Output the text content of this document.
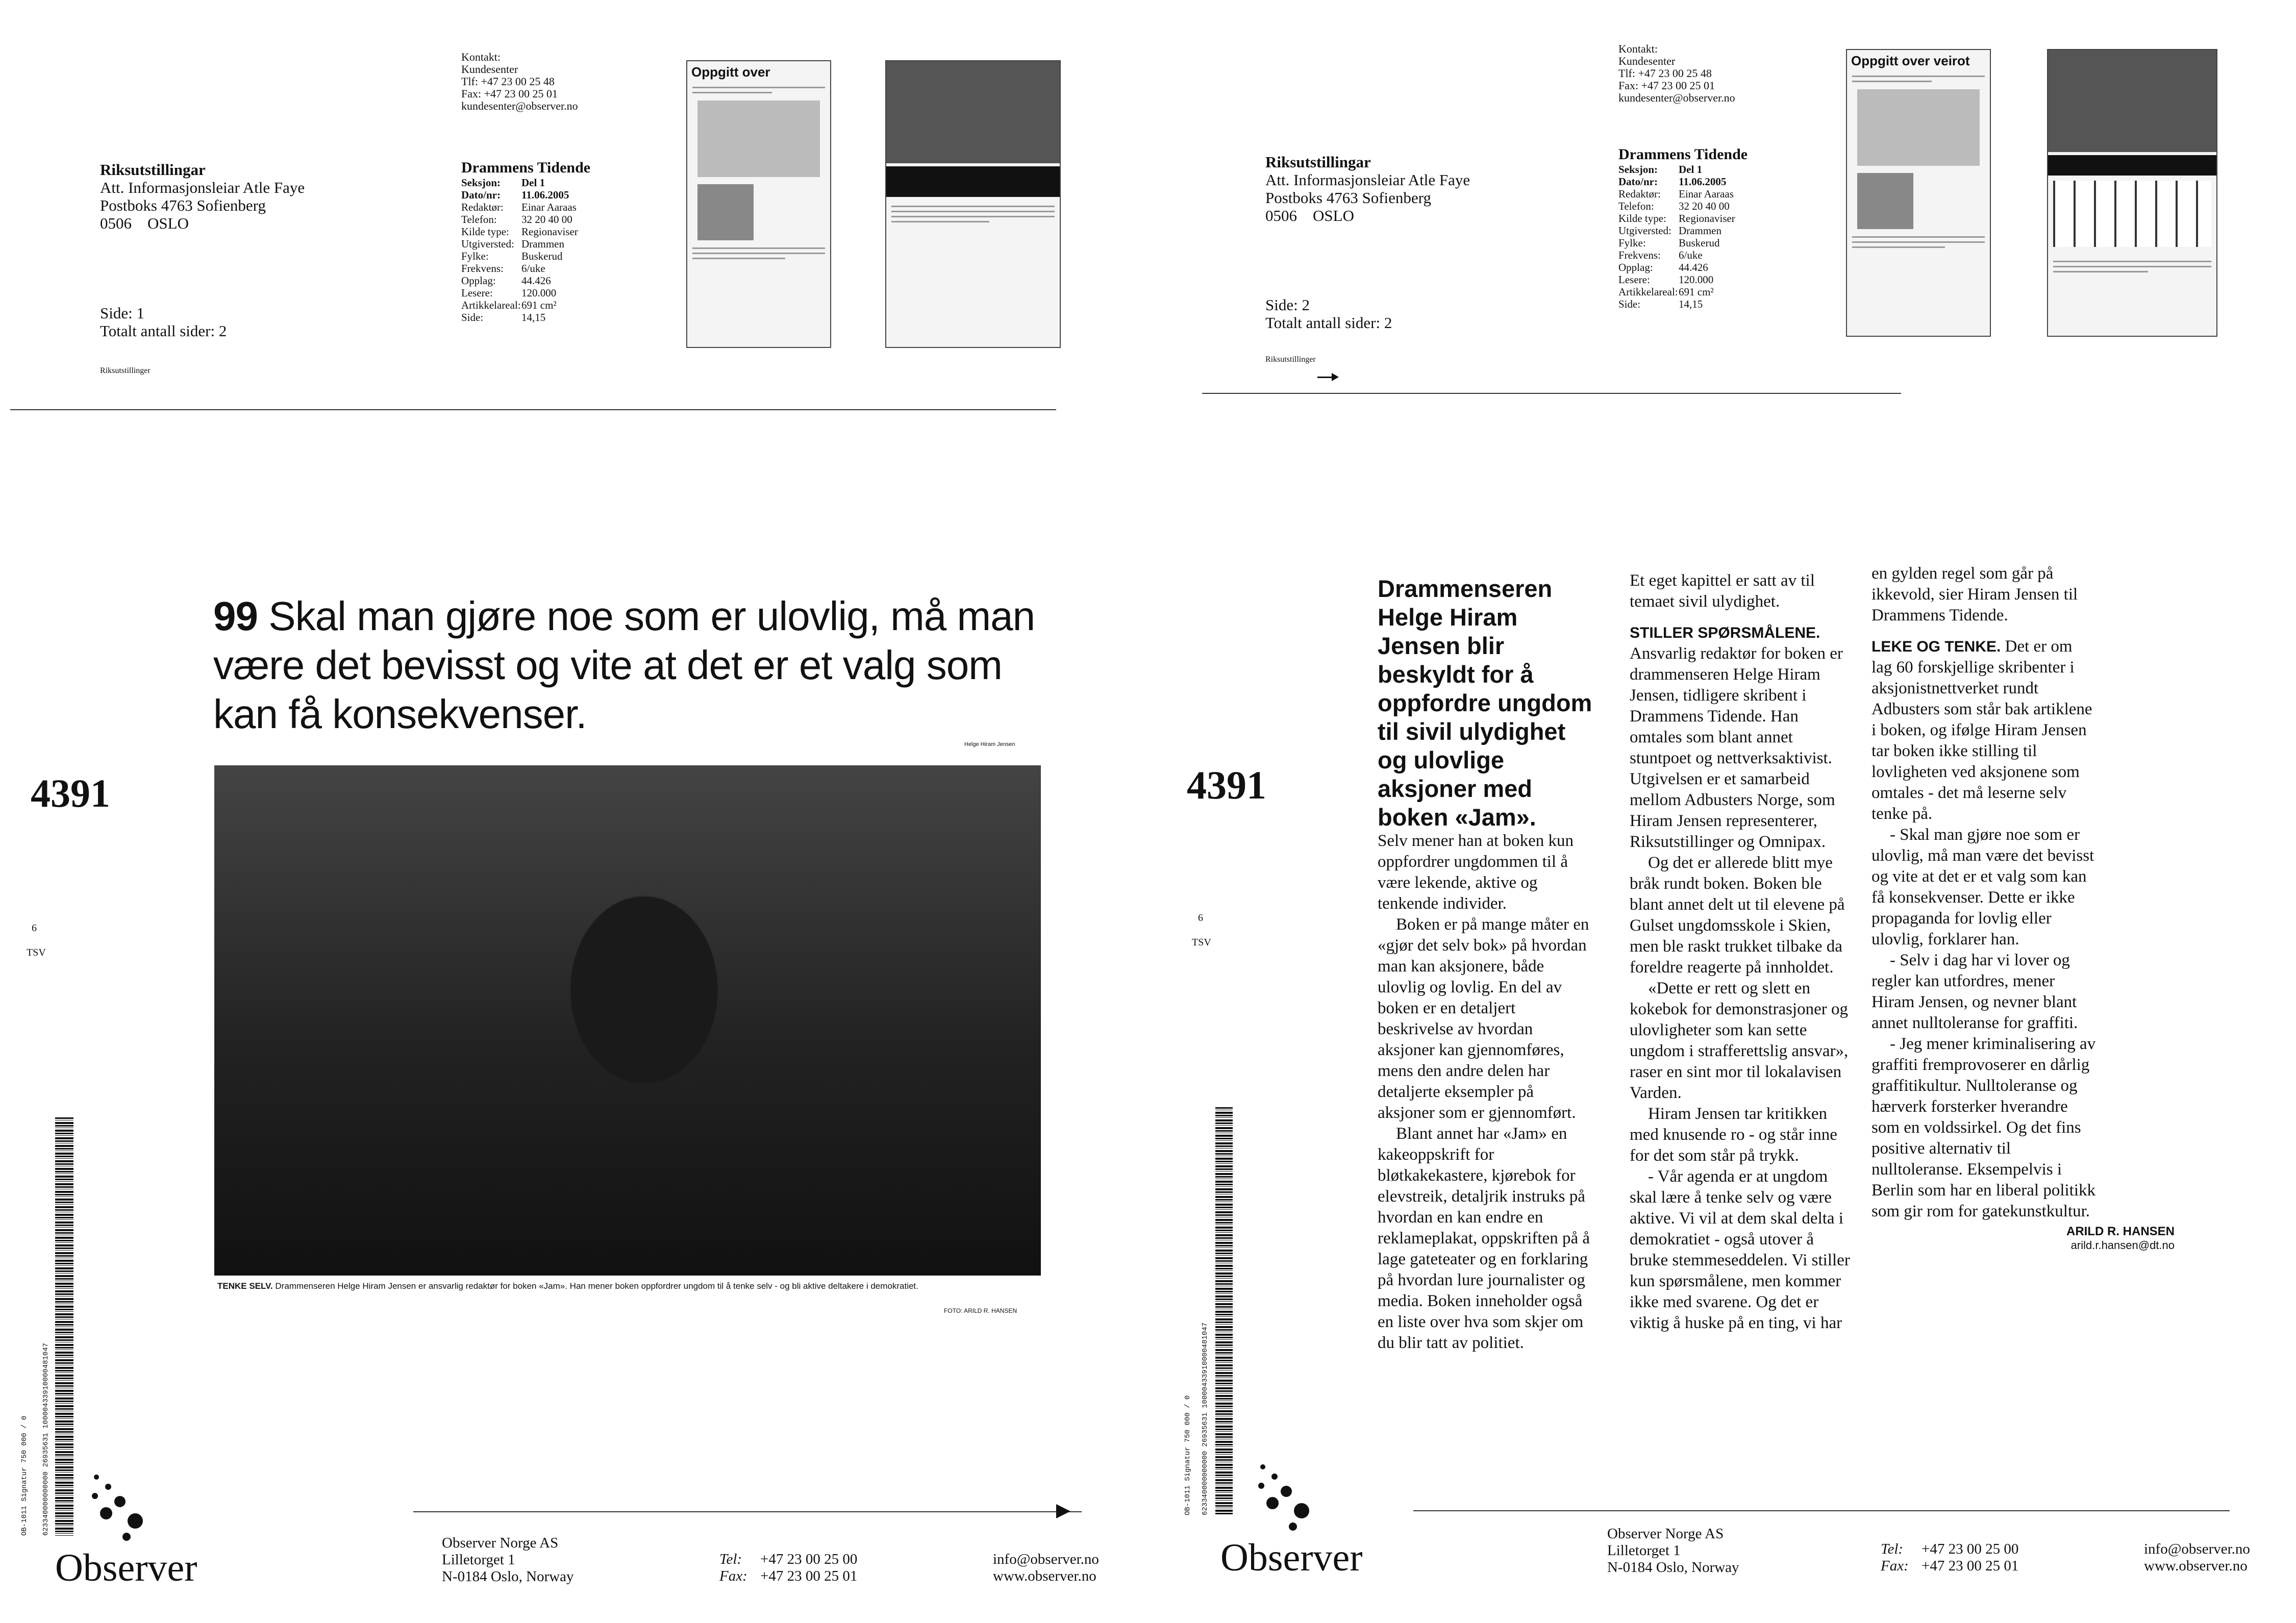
Riksutstillingar
Att. Informasjonsleiar Atle Faye
Postboks 4763 Sofienberg
0506 OSLO
Side: 1
Totalt antall sider: 2
Riksutstillinger
Kontakt:
Kundesenter
Tlf: +47 23 00 25 48
Fax: +47 23 00 25 01
kundesenter@observer.no
Drammens Tidende
Seksjon:	Del 1
Dato/nr:	11.06.2005
Redaktør:	Einar Aaraas
Telefon:	32 20 40 00
Kilde type:	Regionaviser
Utgiversted: Drammen
Fylke:	Buskerud
Frekvens:	6/uke
Opplag:	44.426
Lesere:	120.000
Artikkelareal: 691 cm²
Side:	14,15
Oppgitt over
4391
6
TSV
623340000000000 26935631 10000433910000481047
OB-1011 Signatur 750 000 / 0
99 Skal man gjøre noe som er ulovlig, må man være det bevisst og vite at det er et valg som kan få konsekvenser.
Helge Hiram Jensen
TENKE SELV. Drammenseren Helge Hiram Jensen er ansvarlig redaktør for boken «Jam». Han mener boken oppfordrer ungdom til å tenke selv - og bli aktive deltakere i demokratiet.
FOTO: ARILD R. HANSEN
Observer
Observer Norge AS
Lilletorget 1
N-0184 Oslo, Norway
Tel: +47 23 00 25 00
Fax: +47 23 00 25 01
info@observer.no
www.observer.no
Riksutstillingar
Att. Informasjonsleiar Atle Faye
Postboks 4763 Sofienberg
0506 OSLO
Side: 2
Totalt antall sider: 2
Riksutstillinger
Kontakt:
Kundesenter
Tlf: +47 23 00 25 48
Fax: +47 23 00 25 01
kundesenter@observer.no
Drammens Tidende
Seksjon:	Del 1
Dato/nr:	11.06.2005
Redaktør:	Einar Aaraas
Telefon:	32 20 40 00
Kilde type:	Regionaviser
Utgiversted: Drammen
Fylke:	Buskerud
Frekvens:	6/uke
Opplag:	44.426
Lesere:	120.000
Artikkelareal: 691 cm²
Side:	14,15
Oppgitt over veirot
4391
6
TSV
623340000000000 26935631 10000433910000481047
OB-1011 Signatur 750 000 / 0
Drammenseren Helge Hiram Jensen blir beskyldt for å oppfordre ungdom til sivil ulydighet og ulovlige aksjoner med boken «Jam».

Selv mener han at boken kun oppfordrer ungdommen til å være lekende, aktive og tenkende individer.

Boken er på mange måter en «gjør det selv bok» på hvordan man kan aksjonere, både ulovlig og lovlig. En del av boken er en detaljert beskrivelse av hvordan aksjoner kan gjennomføres, mens den andre delen har detaljerte eksempler på aksjoner som er gjennomført.

Blant annet har «Jam» en kakeoppskrift for bløtkakekastere, kjørebok for elevstreik, detaljrik instruks på hvordan en kan endre en reklameplakat, oppskriften på å lage gateteater og en forklaring på hvordan lure journalister og media. Boken inneholder også en liste over hva som skjer om du blir tatt av politiet.

Et eget kapittel er satt av til temaet sivil ulydighet.

STILLER SPØRSMÅLENE. Ansvarlig redaktør for boken er drammenseren Helge Hiram Jensen, tidligere skribent i Drammens Tidende. Han omtales som blant annet stuntpoet og nettverksaktivist. Utgivelsen er et samarbeid mellom Adbusters Norge, som Hiram Jensen representerer, Riksutstillinger og Omnipax.

Og det er allerede blitt mye bråk rundt boken. Boken ble blant annet delt ut til elevene på Gulset ungdomsskole i Skien, men ble raskt trukket tilbake da foreldre reagerte på innholdet.

«Dette er rett og slett en kokebok for demonstrasjoner og ulovligheter som kan sette ungdom i strafferettslig ansvar», raser en sint mor til lokalavisen Varden.

Hiram Jensen tar kritikken med knusende ro - og står inne for det som står på trykk.

- Vår agenda er at ungdom skal lære å tenke selv og være aktive. Vi vil at dem skal delta i demokratiet - også utover å bruke stemmeseddelen. Vi stiller kun spørsmålene, men kommer ikke med svarene. Og det er viktig å huske på en ting, vi har

en gylden regel som går på ikkevold, sier Hiram Jensen til Drammens Tidende.

LEKE OG TENKE. Det er om lag 60 forskjellige skribenter i aksjonistnettverket rundt Adbusters som står bak artiklene i boken, og ifølge Hiram Jensen tar boken ikke stilling til lovligheten ved aksjonene som omtales - det må leserne selv tenke på.

- Skal man gjøre noe som er ulovlig, må man være det bevisst og vite at det er et valg som kan få konsekvenser. Dette er ikke propaganda for lovlig eller ulovlig, forklarer han.

- Selv i dag har vi lover og regler kan utfordres, mener Hiram Jensen, og nevner blant annet nulltoleranse for graffiti.

- Jeg mener kriminalisering av graffiti fremprovoserer en dårlig graffitikultur. Nulltoleranse og hærverk forsterker hverandre som en voldssirkel. Og det fins positive alternativ til nulltoleranse. Eksempelvis i Berlin som har en liberal politikk som gir rom for gatekunstkultur.

ARILD R. HANSEN
arild.r.hansen@dt.no
Observer
Observer Norge AS
Lilletorget 1
N-0184 Oslo, Norway
Tel: +47 23 00 25 00
Fax: +47 23 00 25 01
info@observer.no
www.observer.no
